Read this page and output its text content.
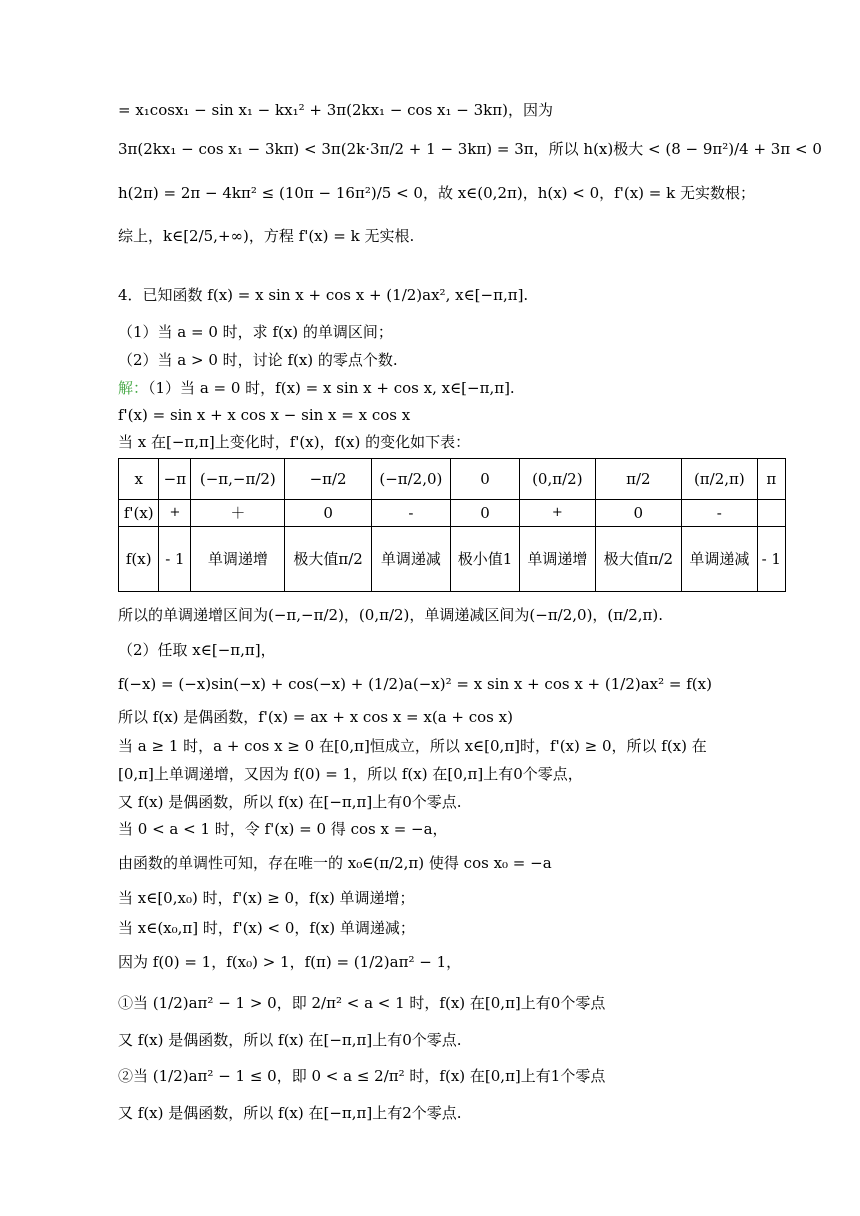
= x₁cosx₁ − sin x₁ − kx₁² + 3π(2kx₁ − cos x₁ − 3kπ)，因为
3π(2kx₁ − cos x₁ − 3kπ) < 3π(2k·3π/2 + 1 − 3kπ) = 3π，所以 h(x)极大 < (8 − 9π²)/4 + 3π < 0
h(2π) = 2π − 4kπ² ≤ (10π − 16π²)/5 < 0，故 x∈(0,2π)，h(x) < 0，f'(x) = k 无实数根；
综上，k∈[2/5,+∞)，方程 f'(x) = k 无实根.
4．已知函数 f(x) = x sin x + cos x + (1/2)ax², x∈[−π,π].
（1）当 a = 0 时，求 f(x) 的单调区间；
（2）当 a > 0 时，讨论 f(x) 的零点个数.
解：（1）当 a = 0 时，f(x) = x sin x + cos x, x∈[−π,π].
f'(x) = sin x + x cos x − sin x = x cos x
当 x 在[−π,π]上变化时，f'(x)，f(x) 的变化如下表：
x	−π	(−π,−π/2)	−π/2	(−π/2,0)	0	(0,π/2)	π/2	(π/2,π)	π
f'(x)	+	＋	0	-	0	+	0	-	
f(x)	- 1	单调递增	极大值π/2	单调递减	极小值1	单调递增	极大值π/2	单调递减	- 1
所以的单调递增区间为(−π,−π/2)，(0,π/2)，单调递减区间为(−π/2,0)，(π/2,π).
（2）任取 x∈[−π,π]，
f(−x) = (−x)sin(−x) + cos(−x) + (1/2)a(−x)² = x sin x + cos x + (1/2)ax² = f(x)
所以 f(x) 是偶函数，f'(x) = ax + x cos x = x(a + cos x)
当 a ≥ 1 时，a + cos x ≥ 0 在[0,π]恒成立，所以 x∈[0,π]时，f'(x) ≥ 0，所以 f(x) 在
[0,π]上单调递增，又因为 f(0) = 1，所以 f(x) 在[0,π]上有0个零点，
又 f(x) 是偶函数，所以 f(x) 在[−π,π]上有0个零点.
当 0 < a < 1 时，令 f'(x) = 0 得 cos x = −a，
由函数的单调性可知，存在唯一的 x₀∈(π/2,π) 使得 cos x₀ = −a
当 x∈[0,x₀) 时，f'(x) ≥ 0，f(x) 单调递增；
当 x∈(x₀,π] 时，f'(x) < 0，f(x) 单调递减；
因为 f(0) = 1，f(x₀) > 1，f(π) = (1/2)aπ² − 1，
①当 (1/2)aπ² − 1 > 0，即 2/π² < a < 1 时，f(x) 在[0,π]上有0个零点
又 f(x) 是偶函数，所以 f(x) 在[−π,π]上有0个零点.
②当 (1/2)aπ² − 1 ≤ 0，即 0 < a ≤ 2/π² 时，f(x) 在[0,π]上有1个零点
又 f(x) 是偶函数，所以 f(x) 在[−π,π]上有2个零点.
